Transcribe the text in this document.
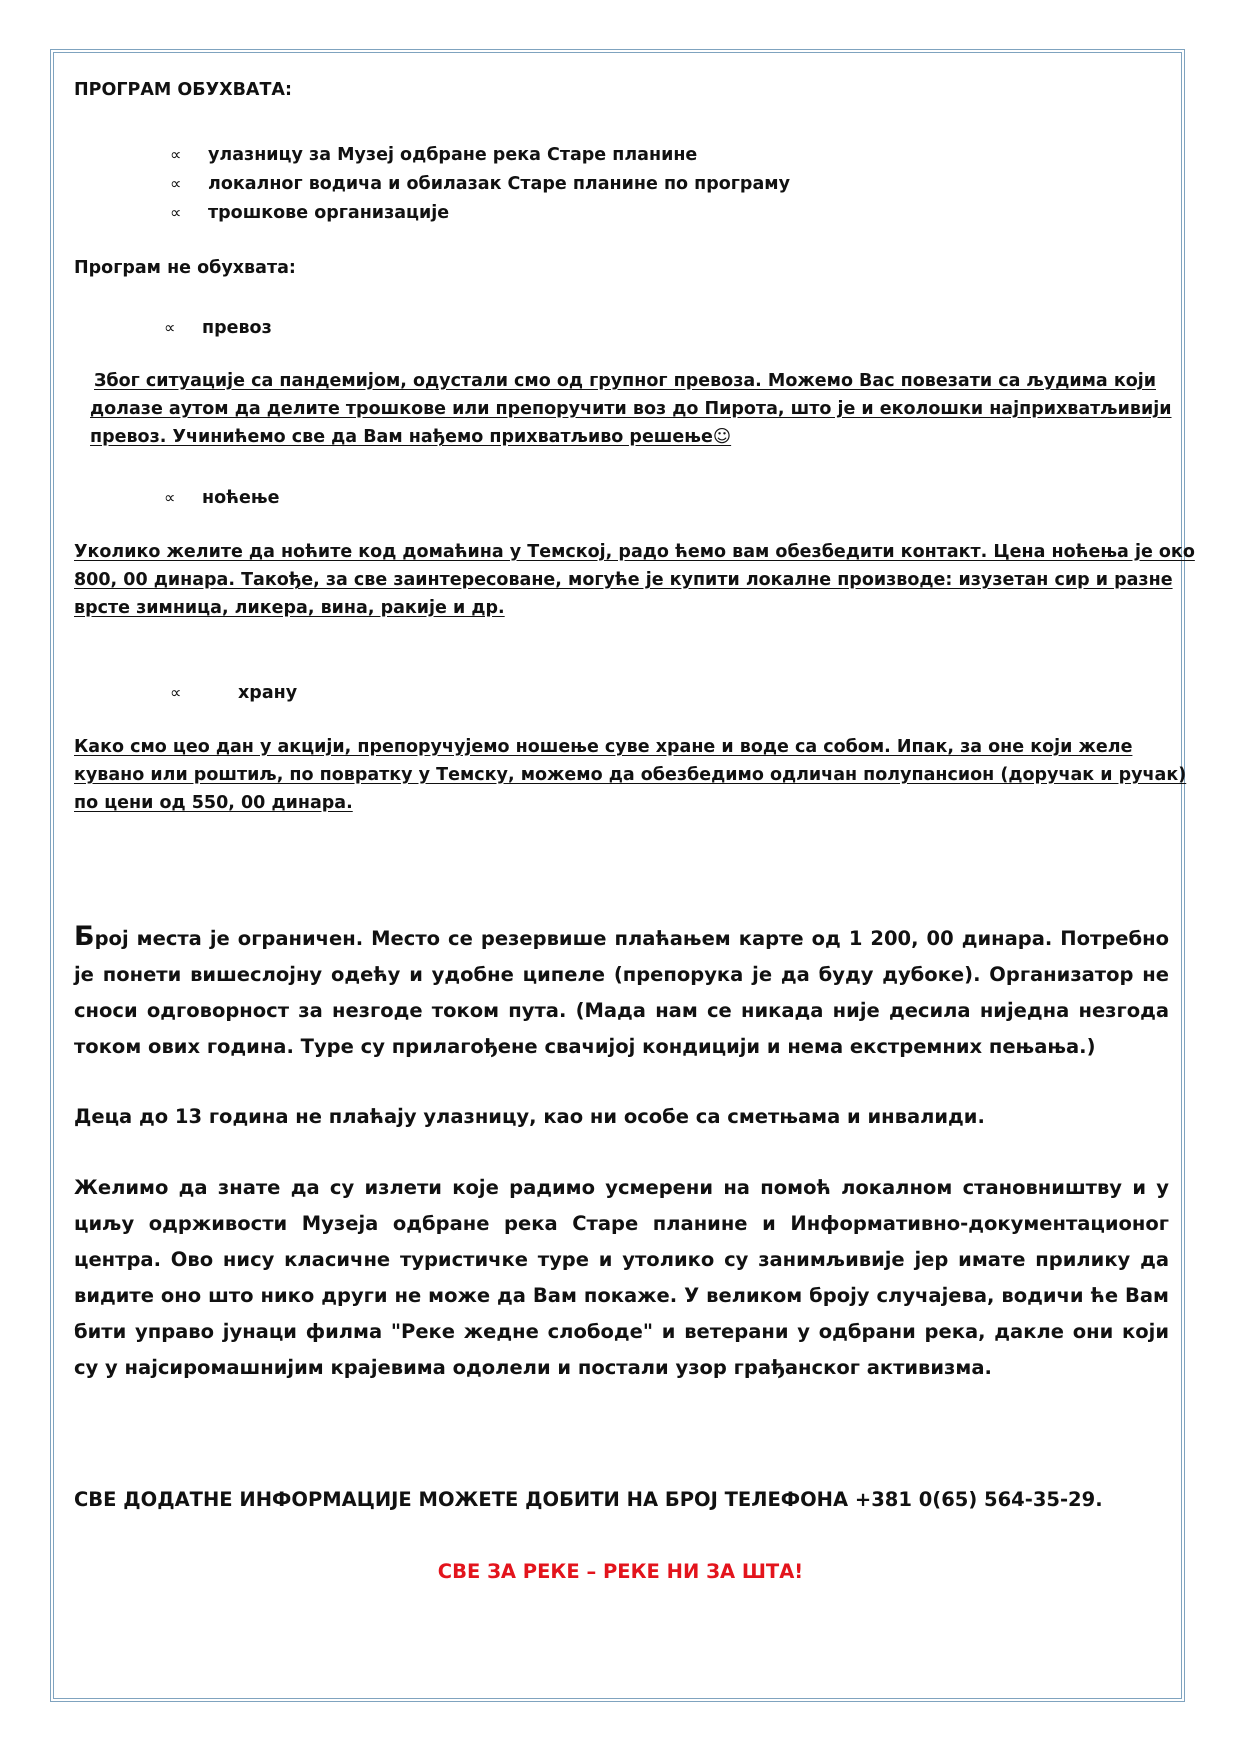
ПРОГРАМ ОБУХВАТА:
∝ улазницу за Музеј одбране река Старе планине
∝ локалног водича и обилазак Старе планине по програму
∝ трошкове организације
Програм не обухвата:
∝ превоз
Због ситуације са пандемијом, одустали смо од групног превоза. Можемо Вас повезати са људима који
долазе аутом да делите трошкове или препоручити воз до Пирота, што је и еколошки најприхватљивији
превоз. Учинићемо све да Вам нађемо прихватљиво решење☺
∝ ноћење
Уколико желите да ноћите код домаћина у Темској, радо ћемо вам обезбедити контакт. Цена ноћења је око
800, 00 динара. Такође, за све заинтересоване, могуће је купити локалне производе: изузетан сир и разне
врсте зимница, ликера, вина, ракије и др.
∝	храну
Како смо цео дан у акцији, препоручујемо ношење суве хране и воде са собом. Ипак, за оне који желе
кувано или роштиљ, по повратку у Темску, можемо да обезбедимо одличан полупансион (доручак и ручак)
по цени од 550, 00 динара.
Број места је ограничен. Место се резервише плаћањем карте од 1 200, 00 динара. Потребно је понети вишеслојну одећу и удобне ципеле (препорука је да буду дубоке). Организатор не сноси одговорност за незгоде током пута. (Мада нам се никада није десила ниједна незгода током ових година. Туре су прилагођене свачијој кондицији и нема екстремних пењања.)
Деца до 13 година не плаћају улазницу, као ни особе са сметњама и инвалиди.
Желимо да знате да су излети које радимо усмерени на помоћ локалном становништву и у циљу одрживости Музеја одбране река Старе планине и Информативно-документационог центра. Ово нису класичне туристичке туре и утолико су занимљивије јер имате прилику да видите оно што нико други не може да Вам покаже. У великом броју случајева, водичи ће Вам бити управо јунаци филма "Реке жедне слободе" и ветерани у одбрани река, дакле они који су у најсиромашнијим крајевима одолели и постали узор грађанског активизма.
СВЕ ДОДАТНЕ ИНФОРМАЦИЈЕ МОЖЕТЕ ДОБИТИ НА БРОЈ ТЕЛЕФОНА +381 0(65) 564-35-29.
СВЕ ЗА РЕКЕ – РЕКЕ НИ ЗА ШТА!
